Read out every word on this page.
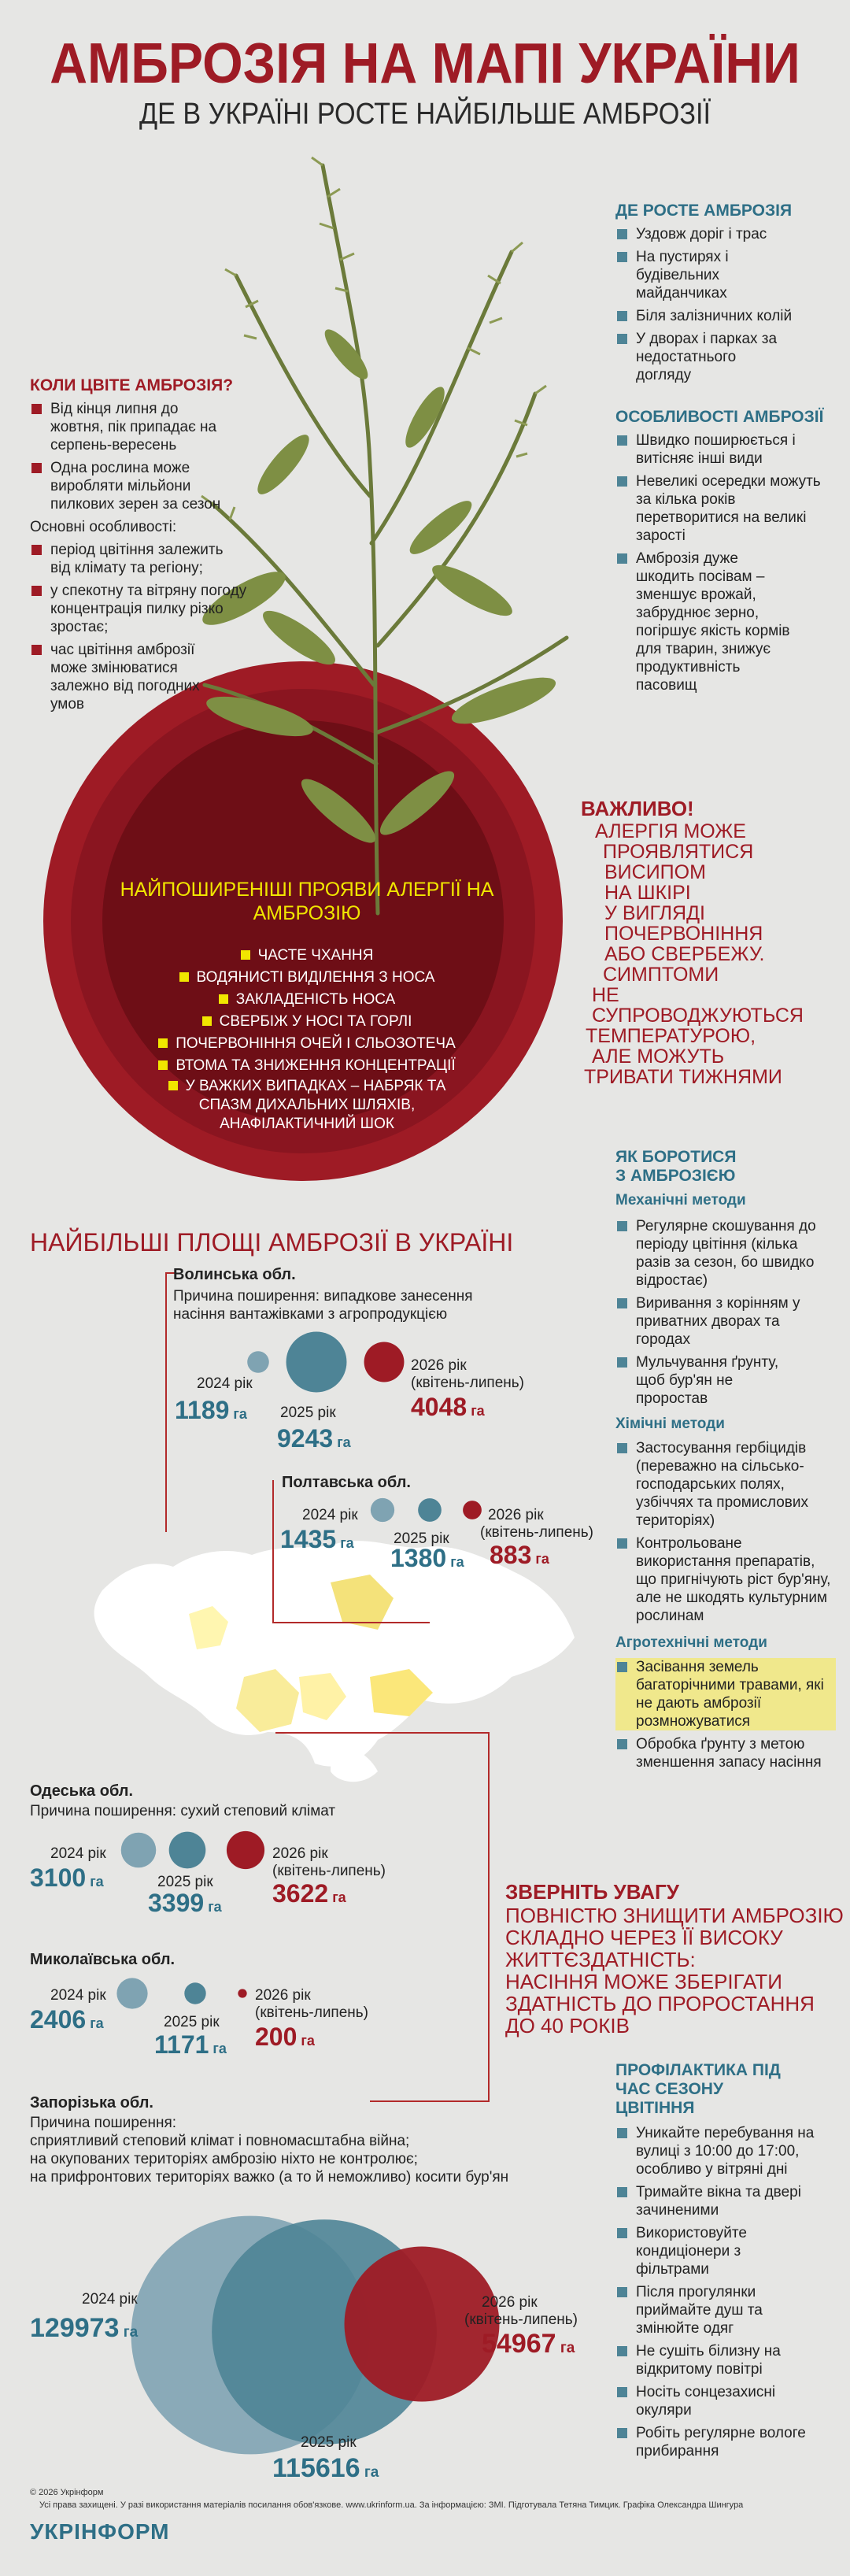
АМБРОЗІЯ НА МАПІ УКРАЇНИ
ДЕ В УКРАЇНІ РОСТЕ НАЙБІЛЬШЕ АМБРОЗІЇ
НАЙПОШИРЕНІШІ ПРОЯВИ АЛЕРГІЇ НА АМБРОЗІЮ
ЧАСТЕ ЧХАННЯ
ВОДЯНИСТІ ВИДІЛЕННЯ З НОСА
ЗАКЛАДЕНІСТЬ НОСА
СВЕРБІЖ У НОСІ ТА ГОРЛІ
ПОЧЕРВОНІННЯ ОЧЕЙ І СЛЬОЗОТЕЧА
ВТОМА ТА ЗНИЖЕННЯ КОНЦЕНТРАЦІЇ
У ВАЖКИХ ВИПАДКАХ – НАБРЯК ТА СПАЗМ ДИХАЛЬНИХ ШЛЯХІВ, АНАФІЛАКТИЧНИЙ ШОК
КОЛИ ЦВІТЕ АМБРОЗІЯ?
Від кінця липня до жовтня, пік припадає на серпень-вересень
Одна рослина може виробляти мільйони пилкових зерен за сезон
Основні особливості:
період цвітіння залежить від клімату та регіону;
у спекотну та вітряну погоду концентрація пилку різко зростає;
час цвітіння амброзії може змінюватися залежно від погодних умов
ДЕ РОСТЕ АМБРОЗІЯ
Уздовж доріг і трас
На пустирях і будівельних майданчиках
Біля залізничних колій
У дворах і парках за недостатнього догляду
ОСОБЛИВОСТІ АМБРОЗІЇ
Швидко поширюється і витісняє інші види
Невеликі осередки можуть за кілька років перетворитися на великі зарості
Амброзія дуже шкодить посівам – зменшує врожай, забруднює зерно, погіршує якість кормів для тварин, знижує продуктивність пасовищ
ВАЖЛИВО!
АЛЕРГІЯ МОЖЕ
ПРОЯВЛЯТИСЯ
ВИСИПОМ
НА ШКІРІ
У ВИГЛЯДІ
ПОЧЕРВОНІННЯ
АБО СВЕРБЕЖУ.
СИМПТОМИ
НЕ СУПРОВОДЖУЮТЬСЯ
ТЕМПЕРАТУРОЮ,
АЛЕ МОЖУТЬ
ТРИВАТИ ТИЖНЯМИ
ЯК БОРОТИСЯ З АМБРОЗІЄЮ
Механічні методи
Регулярне скошування до періоду цвітіння (кілька разів за сезон, бо швидко відростає)
Виривання з корінням у приватних дворах та городах
Мульчування ґрунту, щоб бур'ян не проростав
Хімічні методи
Застосування гербіцидів (переважно на сільсько-господарських полях, узбіччях та промислових територіях)
Контрольоване використання препаратів, що пригнічують ріст бур'яну, але не шкодять культурним рослинам
Агротехнічні методи
Засівання земель багаторічними травами, які не дають амброзії розмножуватися
Обробка ґрунту з метою зменшення запасу насіння
ЗВЕРНІТЬ УВАГУ
ПОВНІСТЮ ЗНИЩИТИ АМБРОЗІЮ
СКЛАДНО ЧЕРЕЗ ЇЇ ВИСОКУ
ЖИТТЄЗДАТНІСТЬ:
НАСІННЯ МОЖЕ ЗБЕРІГАТИ
ЗДАТНІСТЬ ДО ПРОРОСТАННЯ
ДО 40 РОКІВ
ПРОФІЛАКТИКА ПІД ЧАС СЕЗОНУ ЦВІТІННЯ
Уникайте перебування на вулиці з 10:00 до 17:00, особливо у вітряні дні
Тримайте вікна та двері зачиненими
Використовуйте кондиціонери з фільтрами
Після прогулянки приймайте душ та змінюйте одяг
Не сушіть білизну на відкритому повітрі
Носіть сонцезахисні окуляри
Робіть регулярне вологе прибирання
НАЙБІЛЬШІ ПЛОЩІ АМБРОЗІЇ В УКРАЇНІ
Волинська обл.
Причина поширення: випадкове занесення насіння вантажівками з агропродукцією
Полтавська обл.
Одеська обл.
Причина поширення: сухий степовий клімат
Миколаївська обл.
Запорізька обл.
Причина поширення:
сприятливий степовий клімат і повномасштабна війна;
на окупованих територіях амброзію ніхто не контролює;
на прифронтових територіях важко (а то й неможливо) косити бур'ян
2024 рік
1189 га 2025 рік
9243 га
2026 рік
(квітень-липень)
4048 га
2024 рік
1435 га	2025 рік
1380 га
2026 рік
(квітень-липень)
883 га
2024 рік
3100 га	2025 рік
3399 га
2026 рік
(квітень-липень)
3622 га
2024 рік
2406 га	2025 рік
1171 га
2026 рік
(квітень-липень)
200 га
2024 рік
129973 га
2025 рік
115616 га
2026 рік
(квітень-липень)
54967 га
© 2026 Укрінформ
Усі права захищені. У разі використання матеріалів посилання обов'язкове. www.ukrinform.ua. За інформацією: ЗМІ. Підготувала Тетяна Тимцик. Графіка Олександра Шингура
УКРІНФОРМ
